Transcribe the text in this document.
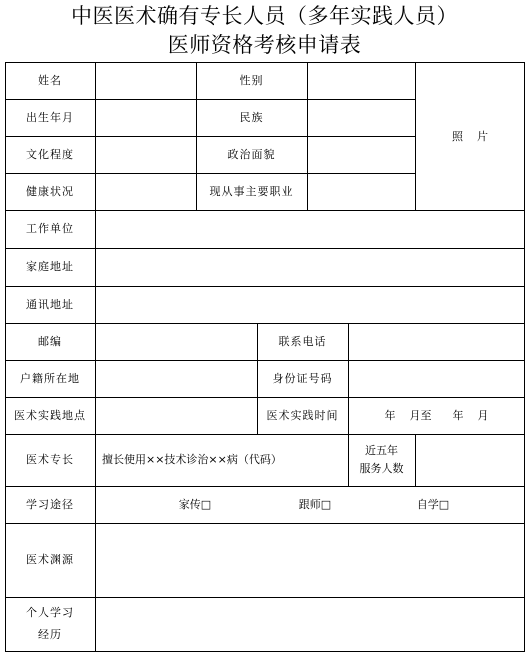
中医医术确有专长人员（多年实践人员）
医师资格考核申请表
姓名	性别
照    片
出生年月	民族
文化程度	政治面貌
健康状况	现从事主要职业
工作单位
家庭地址
通讯地址
邮编	联系电话
户籍所在地	身份证号码
医术实践地点	医术实践时间	年    月至      年    月
医术专长	擅长使用××技术诊治××病（代码）
近五年
服务人数
学习途径	家传□	跟师□	自学□
医术渊源
个人学习
经历
